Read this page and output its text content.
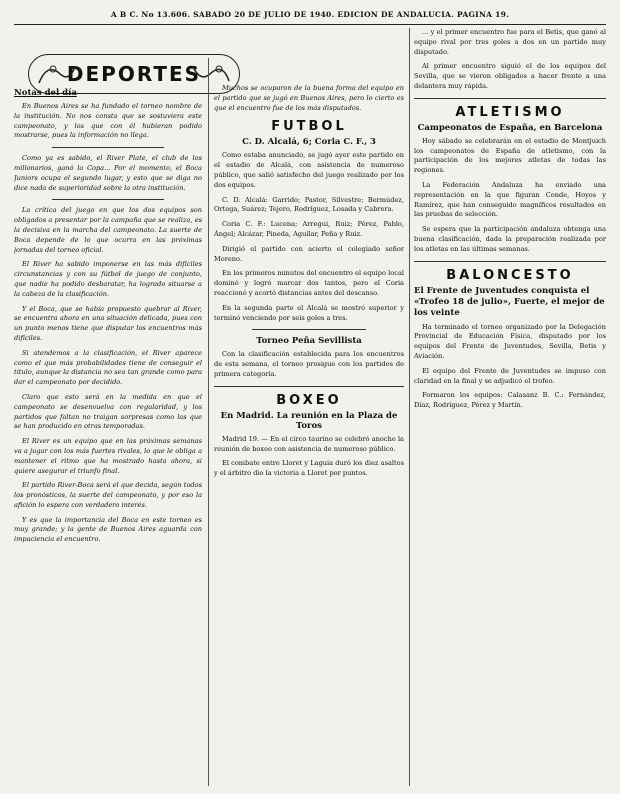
A B C. No 13.606. SABADO 20 DE JULIO DE 1940. EDICION DE ANDALUCIA. PAGINA 19.
DEPORTES
Notas del día

En Buenos Aires se ha fundado el torneo nombre de la institución. No nos consta que se sostuviera este campeonato, y los que con él hubieran podido mostrarse, pues la información no llega.

Como ya es sabido, el River Plate, el club de los millonarios, ganó la Copa... Por el momento, el Boca Juniors ocupa el segundo lugar, y esto que se diga no dice nada de superioridad sobre la otra institución.

La crítica del juego en que los dos equipos son obligados a presentar por la campaña que se realiza, es la decisiva en la marcha del campeonato. La suerte de Boca depende de lo que ocurra en las próximas jornadas del torneo oficial.

El River ha sabido imponerse en las más difíciles circunstancias y con su fútbol de juego de conjunto, que nadie ha podido desbaratar, ha logrado situarse a la cabeza de la clasificación.

Y el Boca, que se había propuesto quebrar al River, se encuentra ahora en una situación delicada, pues con un punto menos tiene que disputar los encuentros más difíciles.

Si atendemos a la clasificación, el River aparece como el que más probabilidades tiene de conseguir el título, aunque la distancia no sea tan grande como para dar el campeonato por decidido.

Claro que esto será en la medida en que el campeonato se desenvuelva con regularidad, y los partidos que faltan no traigan sorpresas como las que se han producido en otras temporadas.

El River es un equipo que en las próximas semanas va a jugar con los más fuertes rivales, lo que le obliga a mantener el ritmo que ha mostrado hasta ahora, si quiere asegurar el triunfo final.

El partido River-Boca será el que decida, según todos los pronósticos, la suerte del campeonato, y por eso la afición lo espera con verdadero interés.

Y es que la importancia del Boca en este torneo es muy grande; y la gente de Buenos Aires aguarda con impaciencia el encuentro.

Muchos se ocuparon de la buena forma del equipo en el partido que se jugó en Buenos Aires, pero lo cierto es que el encuentro fue de los más disputados.

FUTBOL
C. D. Alcalá, 6; Coria C. F., 3

Como estaba anunciado, se jugó ayer este partido en el estadio de Alcalá, con asistencia de numeroso público, que salió satisfecho del juego realizado por los dos equipos.

C. D. Alcalá: Garrido; Pastor, Silvestre; Bermúdez, Ortega, Suárez; Tejero, Rodríguez, Losada y Cabrera.

Coria C. F.: Lucena; Arregui, Ruiz; Pérez, Pablo, Ángel; Alcázar, Pineda, Aguilar, Peña y Ruiz.

Dirigió el partido con acierto el colegiado señor Moreno.

En los primeros minutos del encuentro el equipo local dominó y logró marcar dos tantos, pero el Coria reaccionó y acortó distancias antes del descanso.

En la segunda parte el Alcalá se mostró superior y terminó venciendo por seis goles a tres.

Torneo Peña Sevillista

Con la clasificación establecida para los encuentros de esta semana, el torneo prosigue con los partidos de primera categoría.

BOXEO
En Madrid. La reunión en la Plaza de Toros

Madrid 19. — En el circo taurino se celebró anoche la reunión de boxeo con asistencia de numeroso público.

El combate entre Lloret y Laguia duró los diez asaltos y el árbitro dio la victoria a Lloret por puntos.

... y el primer encuentro fue para el Betis, que ganó al equipo rival por tres goles a dos en un partido muy disputado.

Al primer encuentro siguió el de los equipos del Sevilla, que se vieron obligados a hacer frente a una delantera muy rápida.

ATLETISMO
Campeonatos de España, en Barcelona

Hoy sábado se celebrarán en el estadio de Montjuich los campeonatos de España de atletismo, con la participación de los mejores atletas de todas las regiones.

La Federación Andaluza ha enviado una representación en la que figuran Conde, Hoyos y Ramírez, que han conseguido magníficos resultados en las pruebas de selección.

Se espera que la participación andaluza obtenga una buena clasificación, dada la preparación realizada por los atletas en las últimas semanas.

BALONCESTO
El Frente de Juventudes conquista el «Trofeo 18 de julio», Fuerte, el mejor de los veinte

Ha terminado el torneo organizado por la Delegación Provincial de Educación Física, disputado por los equipos del Frente de Juventudes, Sevilla, Betis y Aviación.

El equipo del Frente de Juventudes se impuso con claridad en la final y se adjudicó el trofeo.

Formaron los equipos: Calasanz B. C.: Fernández, Díaz, Rodríguez, Pérez y Martín.
